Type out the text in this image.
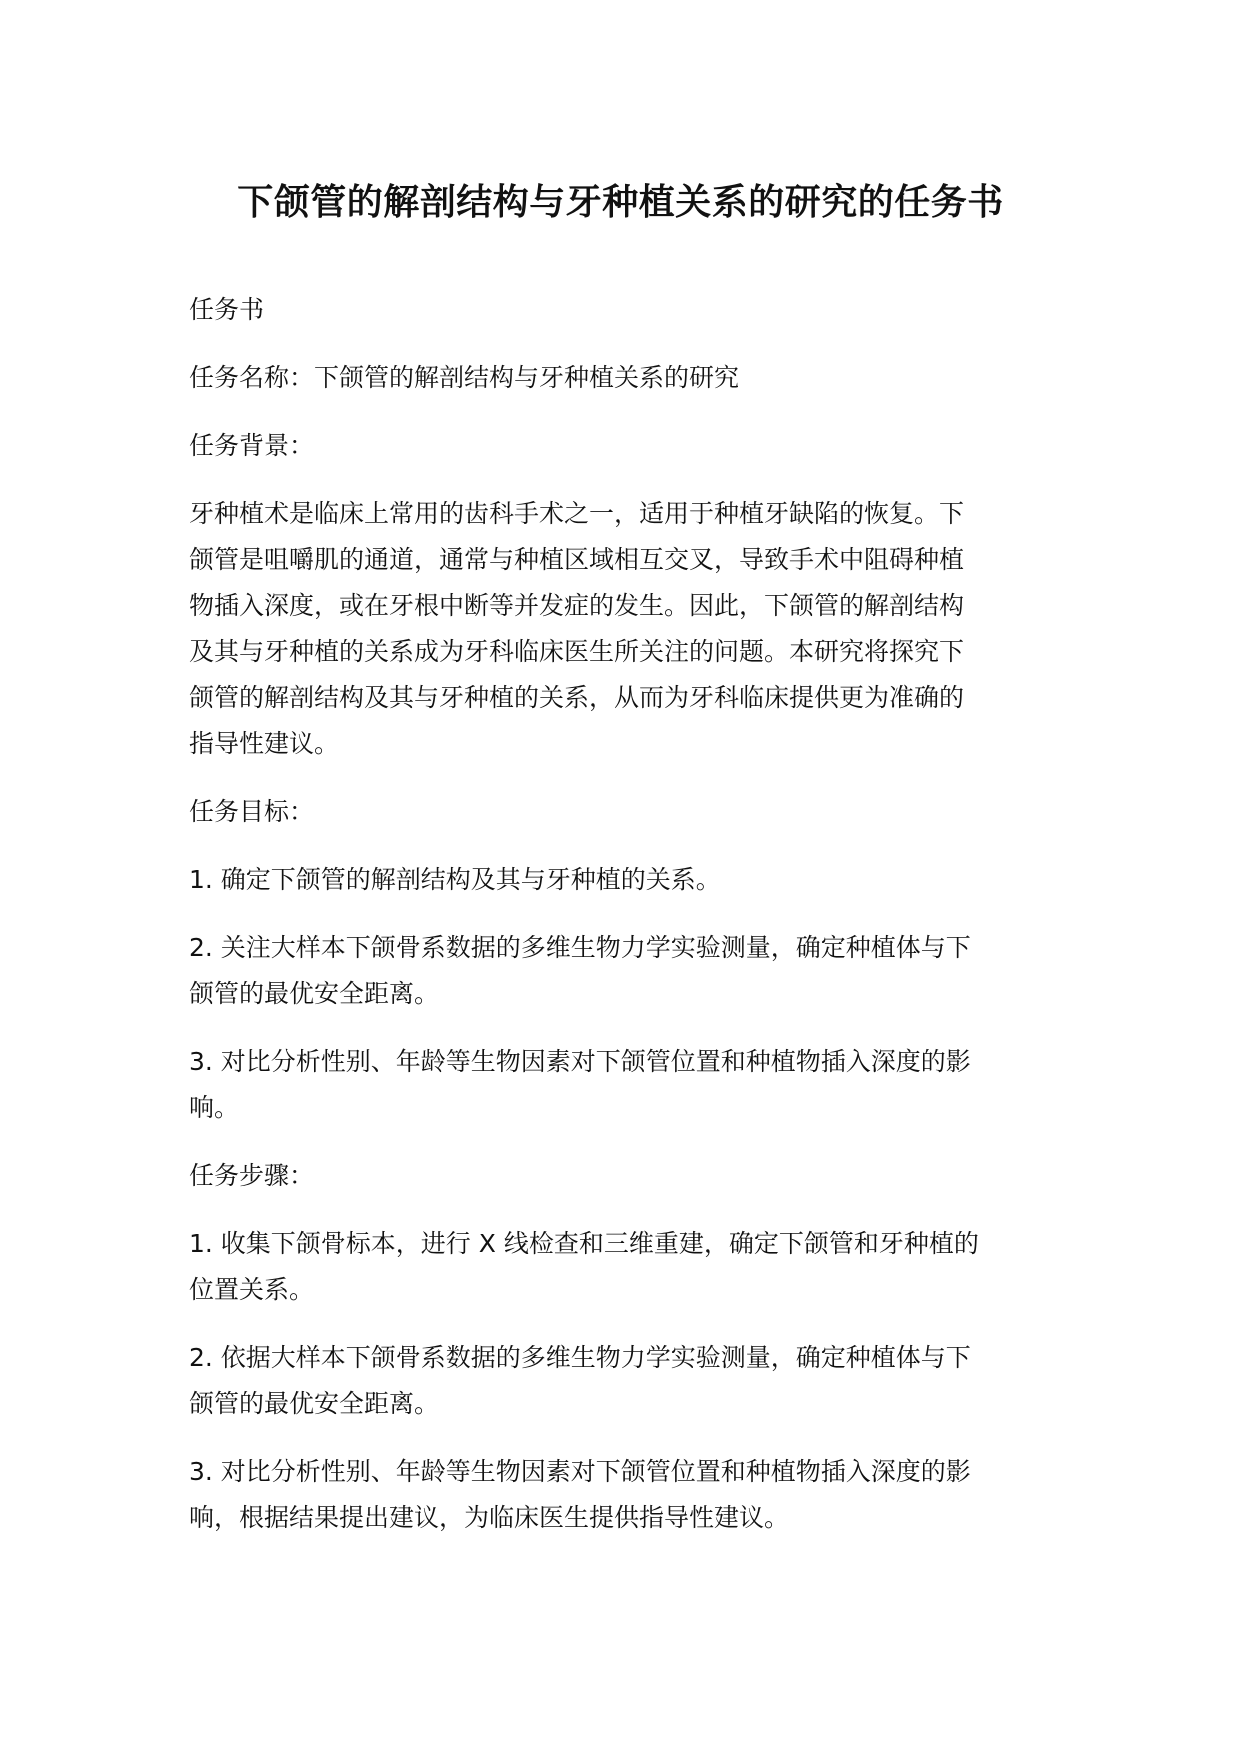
下颌管的解剖结构与牙种植关系的研究的任务书

任务书

任务名称：下颌管的解剖结构与牙种植关系的研究

任务背景：

牙种植术是临床上常用的齿科手术之一，适用于种植牙缺陷的恢复。下
颌管是咀嚼肌的通道，通常与种植区域相互交叉，导致手术中阻碍种植
物插入深度，或在牙根中断等并发症的发生。因此，下颌管的解剖结构
及其与牙种植的关系成为牙科临床医生所关注的问题。本研究将探究下
颌管的解剖结构及其与牙种植的关系，从而为牙科临床提供更为准确的
指导性建议。

任务目标：

1. 确定下颌管的解剖结构及其与牙种植的关系。

2. 关注大样本下颌骨系数据的多维生物力学实验测量，确定种植体与下
颌管的最优安全距离。

3. 对比分析性别、年龄等生物因素对下颌管位置和种植物插入深度的影
响。

任务步骤：

1. 收集下颌骨标本，进行 X 线检查和三维重建，确定下颌管和牙种植的
位置关系。

2. 依据大样本下颌骨系数据的多维生物力学实验测量，确定种植体与下
颌管的最优安全距离。

3. 对比分析性别、年龄等生物因素对下颌管位置和种植物插入深度的影
响，根据结果提出建议，为临床医生提供指导性建议。
